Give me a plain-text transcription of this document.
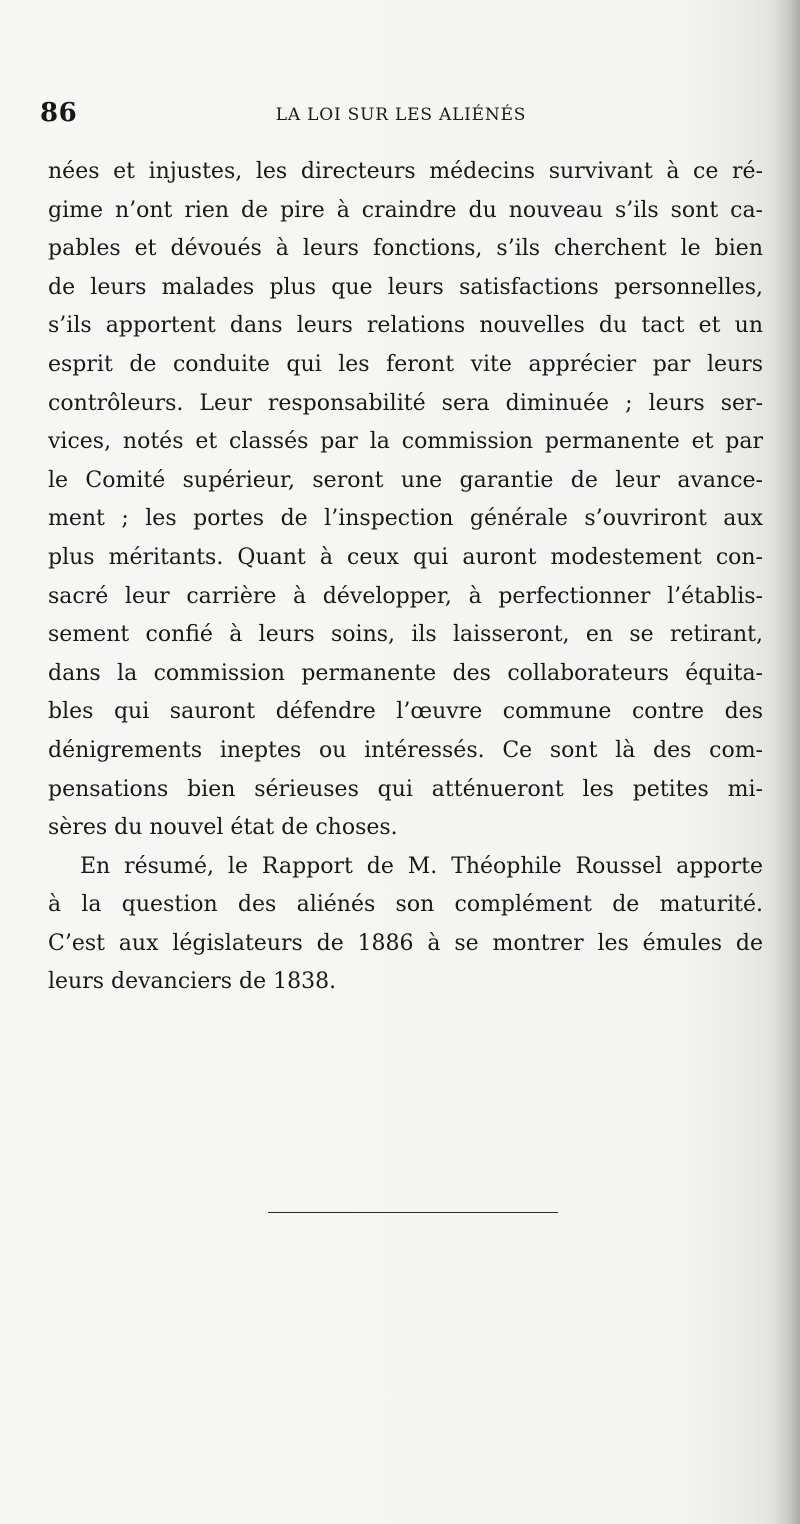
86	LA LOI SUR LES ALIÉNÉS
nées et injustes, les directeurs médecins survivant à ce ré-
gime n’ont rien de pire à craindre du nouveau s’ils sont ca-
pables et dévoués à leurs fonctions, s’ils cherchent le bien
de leurs malades plus que leurs satisfactions personnelles,
s’ils apportent dans leurs relations nouvelles du tact et un
esprit de conduite qui les feront vite apprécier par leurs
contrôleurs. Leur responsabilité sera diminuée ; leurs ser-
vices, notés et classés par la commission permanente et par
le Comité supérieur, seront une garantie de leur avance-
ment ; les portes de l’inspection générale s’ouvriront aux
plus méritants. Quant à ceux qui auront modestement con-
sacré leur carrière à développer, à perfectionner l’établis-
sement confié à leurs soins, ils laisseront, en se retirant,
dans la commission permanente des collaborateurs équita-
bles qui sauront défendre l’œuvre commune contre des
dénigrements ineptes ou intéressés. Ce sont là des com-
pensations bien sérieuses qui atténueront les petites mi-
sères du nouvel état de choses.
En résumé, le Rapport de M. Théophile Roussel apporte
à la question des aliénés son complément de maturité.
C’est aux législateurs de 1886 à se montrer les émules de
leurs devanciers de 1838.
